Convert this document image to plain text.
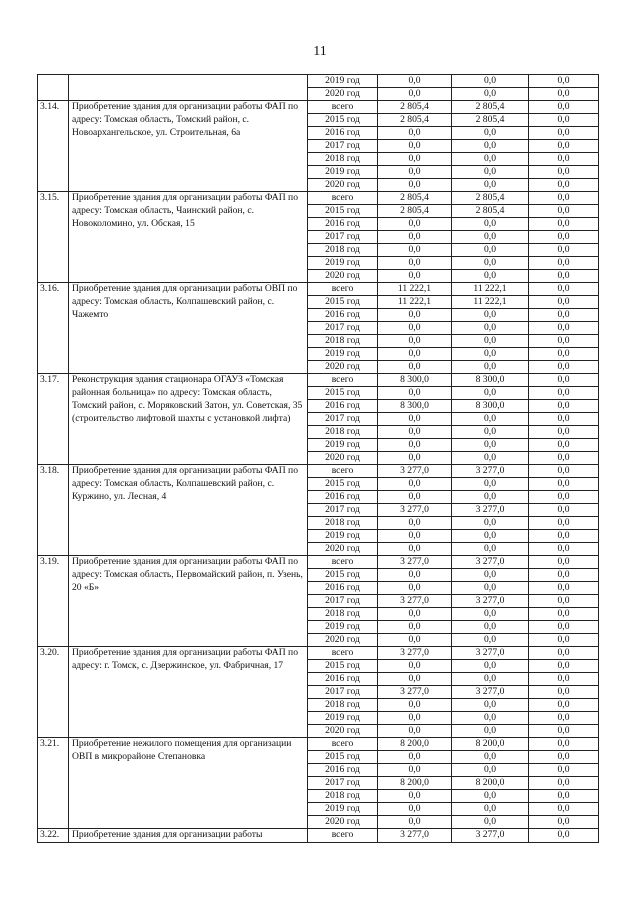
11
		2019 год	0,0	0,0	0,0
		2020 год	0,0	0,0	0,0
3.14.	Приобретение здания для организации работы ФАП по адресу: Томская область, Томский район, с. Новоархангельское, ул. Строительная, 6а	всего	2 805,4	2 805,4	0,0
		2015 год	2 805,4	2 805,4	0,0
		2016 год	0,0	0,0	0,0
		2017 год	0,0	0,0	0,0
		2018 год	0,0	0,0	0,0
		2019 год	0,0	0,0	0,0
		2020 год	0,0	0,0	0,0
3.15.	Приобретение здания для организации работы ФАП по адресу: Томская область, Чаинский район, с. Новоколомино, ул. Обская, 15	всего	2 805,4	2 805,4	0,0
		2015 год	2 805,4	2 805,4	0,0
		2016 год	0,0	0,0	0,0
		2017 год	0,0	0,0	0,0
		2018 год	0,0	0,0	0,0
		2019 год	0,0	0,0	0,0
		2020 год	0,0	0,0	0,0
3.16.	Приобретение здания для организации работы ОВП по адресу: Томская область, Колпашевский район, с. Чажемто	всего	11 222,1	11 222,1	0,0
		2015 год	11 222,1	11 222,1	0,0
		2016 год	0,0	0,0	0,0
		2017 год	0,0	0,0	0,0
		2018 год	0,0	0,0	0,0
		2019 год	0,0	0,0	0,0
		2020 год	0,0	0,0	0,0
3.17.	Реконструкция здания стационара ОГАУЗ «Томская районная больница» по адресу: Томская область, Томский район, с. Моряковский Затон, ул. Советская, 35 (строительство лифтовой шахты с установкой лифта)	всего	8 300,0	8 300,0	0,0
		2015 год	0,0	0,0	0,0
		2016 год	8 300,0	8 300,0	0,0
		2017 год	0,0	0,0	0,0
		2018 год	0,0	0,0	0,0
		2019 год	0,0	0,0	0,0
		2020 год	0,0	0,0	0,0
3.18.	Приобретение здания для организации работы ФАП по адресу: Томская область, Колпашевский район, с. Куржино, ул. Лесная, 4	всего	3 277,0	3 277,0	0,0
		2015 год	0,0	0,0	0,0
		2016 год	0,0	0,0	0,0
		2017 год	3 277,0	3 277,0	0,0
		2018 год	0,0	0,0	0,0
		2019 год	0,0	0,0	0,0
		2020 год	0,0	0,0	0,0
3.19.	Приобретение здания для организации работы ФАП по адресу: Томская область, Первомайский район, п. Узень, 20 «Б»	всего	3 277,0	3 277,0	0,0
		2015 год	0,0	0,0	0,0
		2016 год	0,0	0,0	0,0
		2017 год	3 277,0	3 277,0	0,0
		2018 год	0,0	0,0	0,0
		2019 год	0,0	0,0	0,0
		2020 год	0,0	0,0	0,0
3.20.	Приобретение здания для организации работы ФАП по адресу: г. Томск, с. Дзержинское, ул. Фабричная, 17	всего	3 277,0	3 277,0	0,0
		2015 год	0,0	0,0	0,0
		2016 год	0,0	0,0	0,0
		2017 год	3 277,0	3 277,0	0,0
		2018 год	0,0	0,0	0,0
		2019 год	0,0	0,0	0,0
		2020 год	0,0	0,0	0,0
3.21.	Приобретение нежилого помещения для организации ОВП в микрорайоне Степановка	всего	8 200,0	8 200,0	0,0
		2015 год	0,0	0,0	0,0
		2016 год	0,0	0,0	0,0
		2017 год	8 200,0	8 200,0	0,0
		2018 год	0,0	0,0	0,0
		2019 год	0,0	0,0	0,0
		2020 год	0,0	0,0	0,0
3.22.	Приобретение здания для организации работы	всего	3 277,0	3 277,0	0,0
